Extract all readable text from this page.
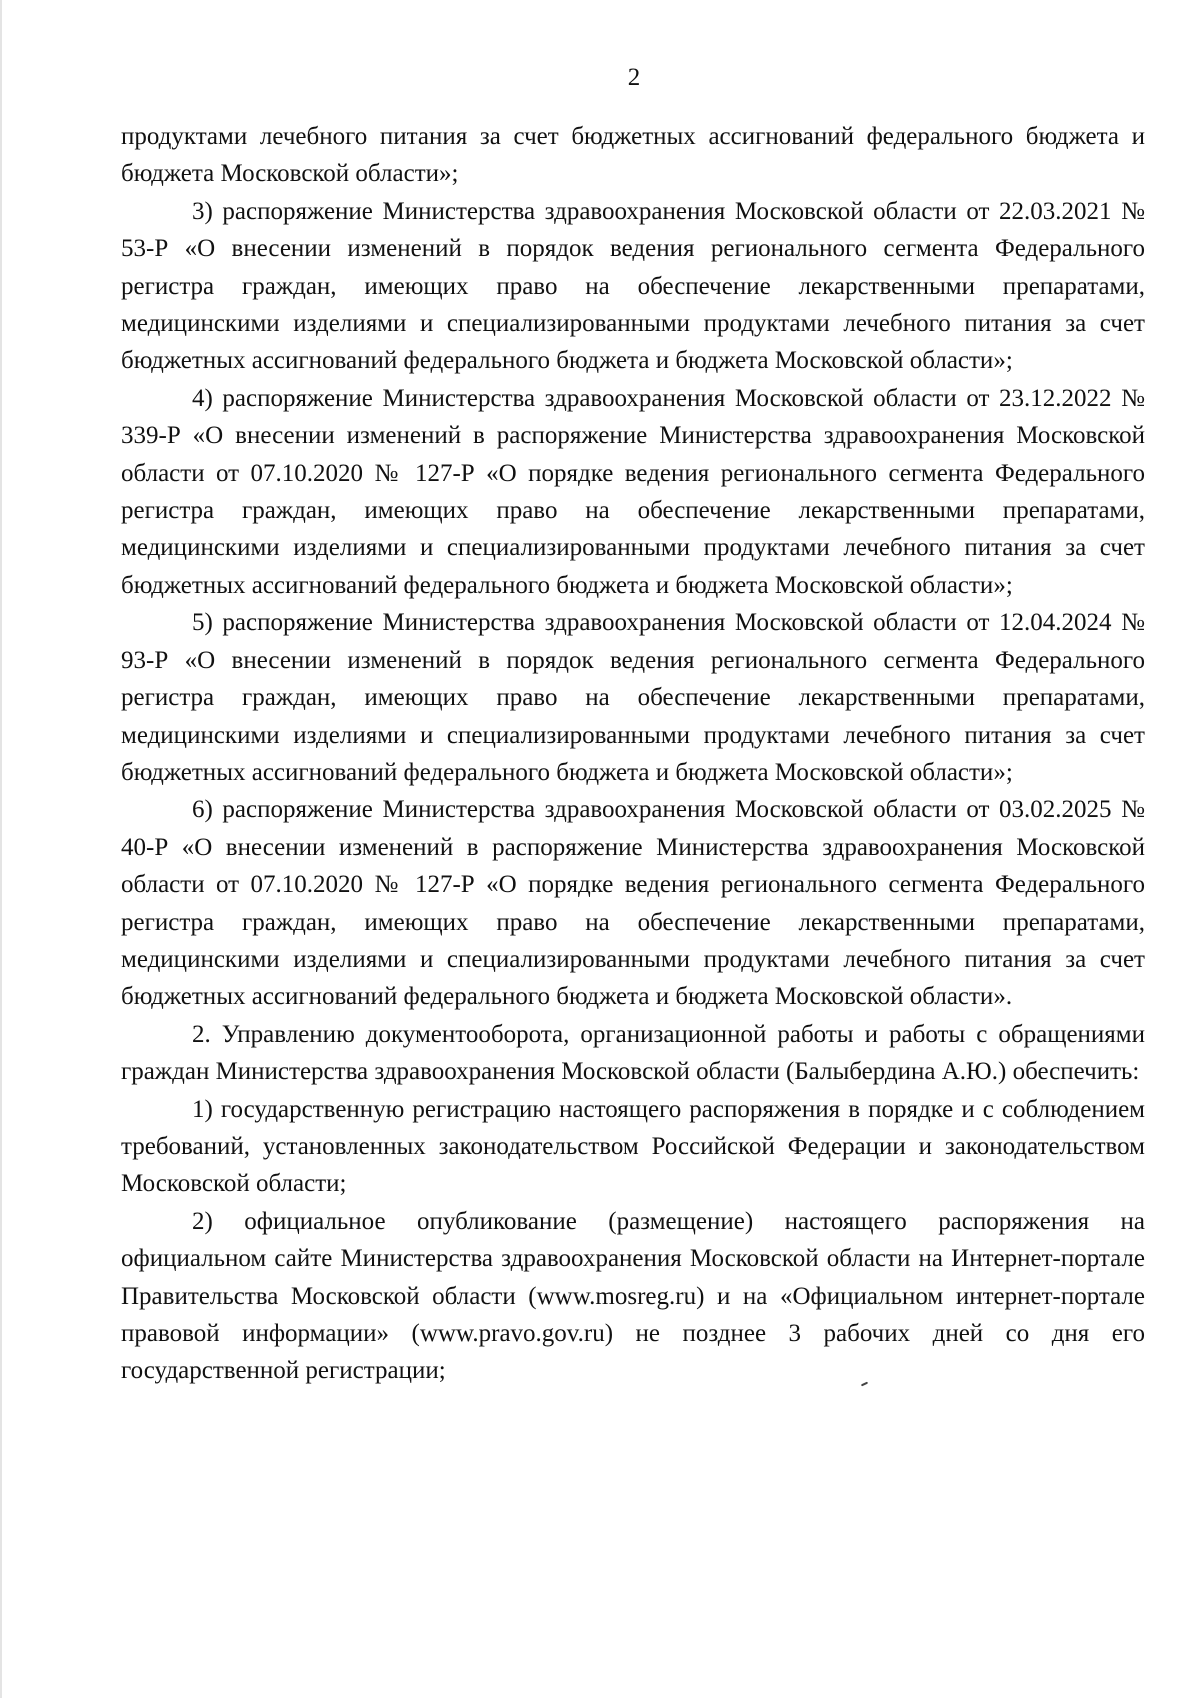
2

продуктами лечебного питания за счет бюджетных ассигнований федерального бюджета и бюджета Московской области»;

3) распоряжение Министерства здравоохранения Московской области от 22.03.2021 № 53-Р «О внесении изменений в порядок ведения регионального сегмента Федерального регистра граждан, имеющих право на обеспечение лекарственными препаратами, медицинскими изделиями и специализированными продуктами лечебного питания за счет бюджетных ассигнований федерального бюджета и бюджета Московской области»;

4) распоряжение Министерства здравоохранения Московской области от 23.12.2022 № 339-Р «О внесении изменений в распоряжение Министерства здравоохранения Московской области от 07.10.2020 № 127-Р «О порядке ведения регионального сегмента Федерального регистра граждан, имеющих право на обеспечение лекарственными препаратами, медицинскими изделиями и специализированными продуктами лечебного питания за счет бюджетных ассигнований федерального бюджета и бюджета Московской области»;

5) распоряжение Министерства здравоохранения Московской области от 12.04.2024 № 93-Р «О внесении изменений в порядок ведения регионального сегмента Федерального регистра граждан, имеющих право на обеспечение лекарственными препаратами, медицинскими изделиями и специализированными продуктами лечебного питания за счет бюджетных ассигнований федерального бюджета и бюджета Московской области»;

6) распоряжение Министерства здравоохранения Московской области от 03.02.2025 № 40-Р «О внесении изменений в распоряжение Министерства здравоохранения Московской области от 07.10.2020 № 127-Р «О порядке ведения регионального сегмента Федерального регистра граждан, имеющих право на обеспечение лекарственными препаратами, медицинскими изделиями и специализированными продуктами лечебного питания за счет бюджетных ассигнований федерального бюджета и бюджета Московской области».

2. Управлению документооборота, организационной работы и работы с обращениями граждан Министерства здравоохранения Московской области (Балыбердина А.Ю.) обеспечить:

1) государственную регистрацию настоящего распоряжения в порядке и с соблюдением требований, установленных законодательством Российской Федерации и законодательством Московской области;

2) официальное опубликование (размещение) настоящего распоряжения на официальном сайте Министерства здравоохранения Московской области на Интернет-портале Правительства Московской области (www.mosreg.ru) и на «Официальном интернет-портале правовой информации» (www.pravo.gov.ru) не позднее 3 рабочих дней со дня его государственной регистрации;
